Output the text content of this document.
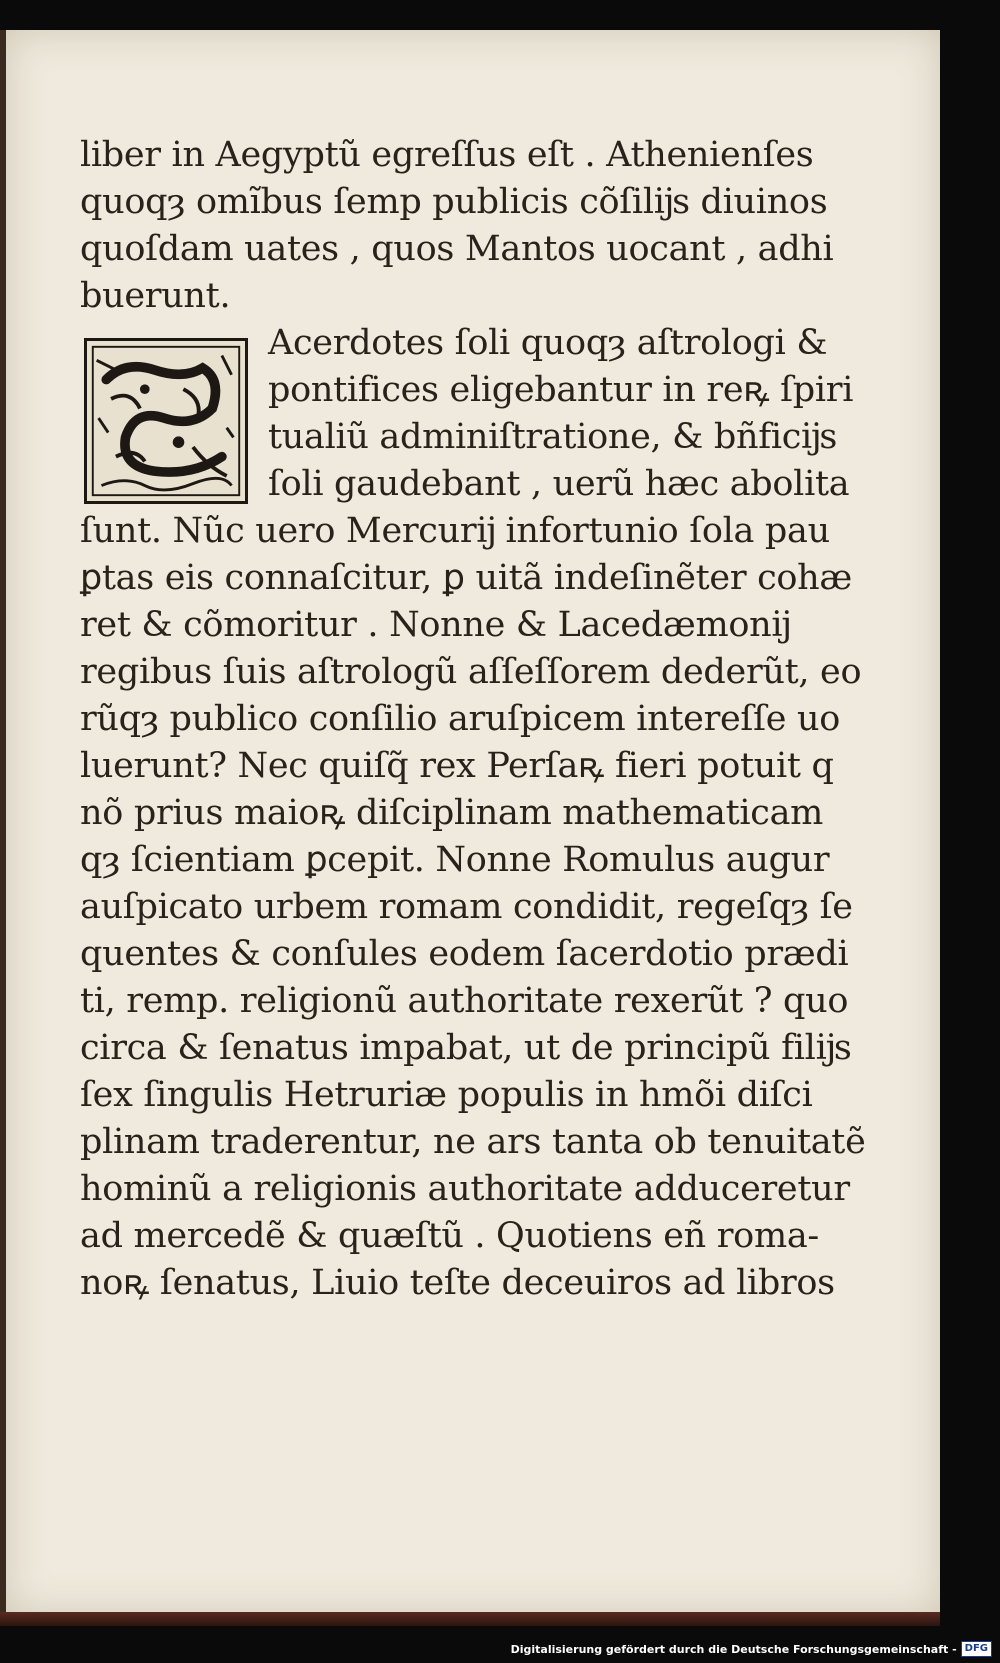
liber in Aegyptũ egreſſus eſt . Athenienſes
quoqȝ omĩbus ſemp publicis cõſilĳs diuinos
quoſdam uates , quos Mantos uocant , adhi
buerunt.
Acerdotes ſoli quoqȝ aſtrologi &
pontifices eligebantur in reꝶ ſpiri
tualiũ adminiſtratione, & bñficĳs
ſoli gaudebant , uerũ hæc abolita
ſunt. Nũc uero Mercurĳ infortunio ſola pau
ꝑtas eis connaſcitur, ꝑ uitã indeſinẽter cohæ
ret & cõmoritur . Nonne & Lacedæmonĳ
regibus ſuis aſtrologũ aſſeſſorem dederũt, eo
rũqȝ publico conſilio aruſpicem intereſſe uo
luerunt? Nec quiſq̃ rex Perſaꝶ fieri potuit q
nõ prius maioꝶ diſciplinam mathematicam
qȝ ſcientiam ꝑcepit. Nonne Romulus augur
auſpicato urbem romam condidit, regeſqȝ ſe
quentes & conſules eodem ſacerdotio prædi
ti, remp. religionũ authoritate rexerũt ? quo
circa & ſenatus impabat, ut de principũ filĳs
ſex ſingulis Hetruriæ populis in hmõi diſci
plinam traderentur, ne ars tanta ob tenuitatẽ
hominũ a religionis authoritate adduceretur
ad mercedẽ & quæſtũ . Quotiens eñ roma-
noꝶ ſenatus, Liuio teſte deceuiros ad libros
Digitalisierung gefördert durch die Deutsche Forschungsgemeinschaft - DFG
